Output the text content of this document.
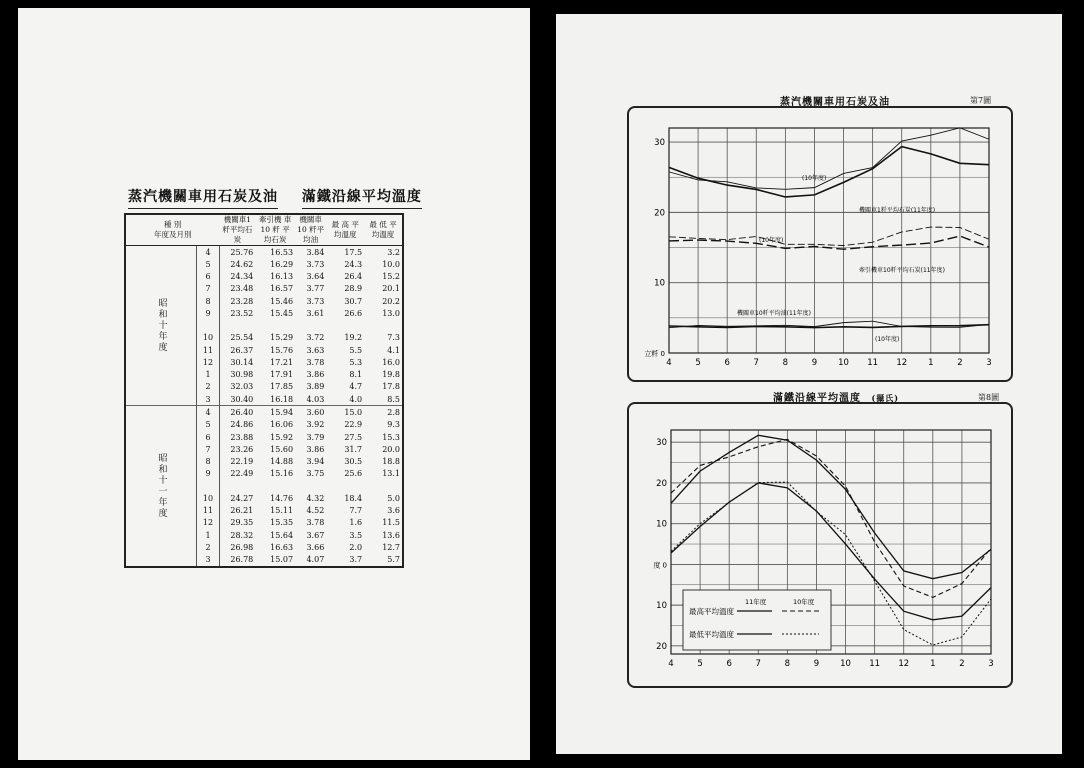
蒸汽機關車用石炭及油 滿鐵沿線平均溫度
種 別
年度及月別		機關車1粁平均石炭	牽引機 車 10 粁 平均石炭	機關車10 粁平均油	最 高 平均溫度		最 低 平均溫度	
昭和十年度	4	25.76	16.53	3.84		17.5		3.2
	5	24.62	16.29	3.73		24.3		10.0
	6	24.34	16.13	3.64		26.4		15.2
	7	23.48	16.57	3.77		28.9		20.1
	8	23.28	15.46	3.73		30.7		20.2
	9	23.52	15.45	3.61		26.6		13.0

	10	25.54	15.29	3.72		19.2		7.3
	11	26.37	15.76	3.63		5.5		4.1
	12	30.14	17.21	3.78		5.3		16.0
	1	30.98	17.91	3.86		8.1		19.8
	2	32.03	17.85	3.89		4.7		17.8
	3	30.40	16.18	4.03		4.0		8.5
昭和十一年度	4	26.40	15.94	3.60		15.0		2.8
	5	24.86	16.06	3.92		22.9		9.3
	6	23.88	15.92	3.79		27.5		15.3
	7	23.26	15.60	3.86		31.7		20.0
	8	22.19	14.88	3.94		30.5		18.8
	9	22.49	15.16	3.75		25.6		13.1

	10	24.27	14.76	4.32		18.4		5.0
	11	26.21	15.11	4.52		7.7		3.6
	12	29.35	15.35	3.78		1.6		11.5
	1	28.32	15.64	3.67		3.5		13.6
	2	26.98	16.63	3.66		2.0		12.7
	3	26.78	15.07	4.07		3.7		5.7
蒸汽機關車用石炭及油	第7圖
4	5	6	7	8	9 10 11 12 1	2	3
10
20
30
立粁 0
(10年度)
機關車1粁平均石炭(11年度)
(10年度)
牽引機車10粁平均石炭(11年度)
機關車10粁平均油(11年度)
(10年度)
滿鐵沿線平均溫度 (攝氏)	第8圖
4	5	6	7	8	9 10 11 12 1	2	3
30
20
10
10
20
度 0
11年度	10年度
最高平均溫度
最低平均溫度
